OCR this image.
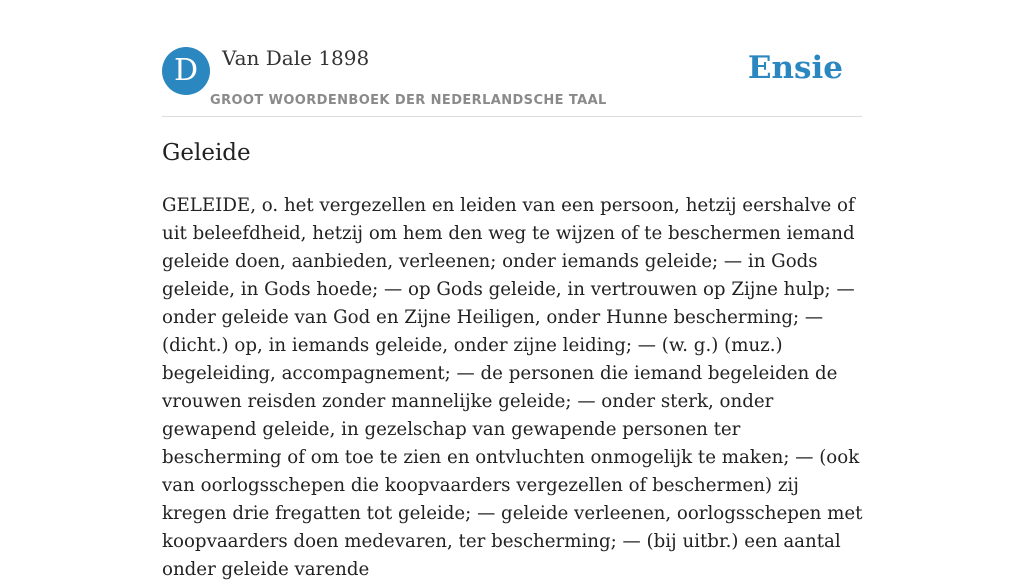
D	Van Dale 1898
GROOT WOORDENBOEK DER NEDERLANDSCHE TAAL
Ensie
Geleide

GELEIDE, o. het vergezellen en leiden van een persoon, hetzij eershalve of uit beleefdheid, hetzij om hem den weg te wijzen of te beschermen iemand geleide doen, aanbieden, verleenen; onder iemands geleide; — in Gods geleide, in Gods hoede; — op Gods geleide, in vertrouwen op Zijne hulp; — onder geleide van God en Zijne Heiligen, onder Hunne bescherming; — (dicht.) op, in iemands geleide, onder zijne leiding; — (w. g.) (muz.) begeleiding, accompagnement; — de personen die iemand begeleiden de vrouwen reisden zonder mannelijke geleide; — onder sterk, onder gewapend geleide, in gezelschap van gewapende personen ter bescherming of om toe te zien en ontvluchten onmogelijk te maken; — (ook van oorlogsschepen die koopvaarders vergezellen of beschermen) zij kregen drie fregatten tot geleide; — geleide verleenen, oorlogsschepen met koopvaarders doen medevaren, ter bescherming; — (bij uitbr.) een aantal onder geleide varende
